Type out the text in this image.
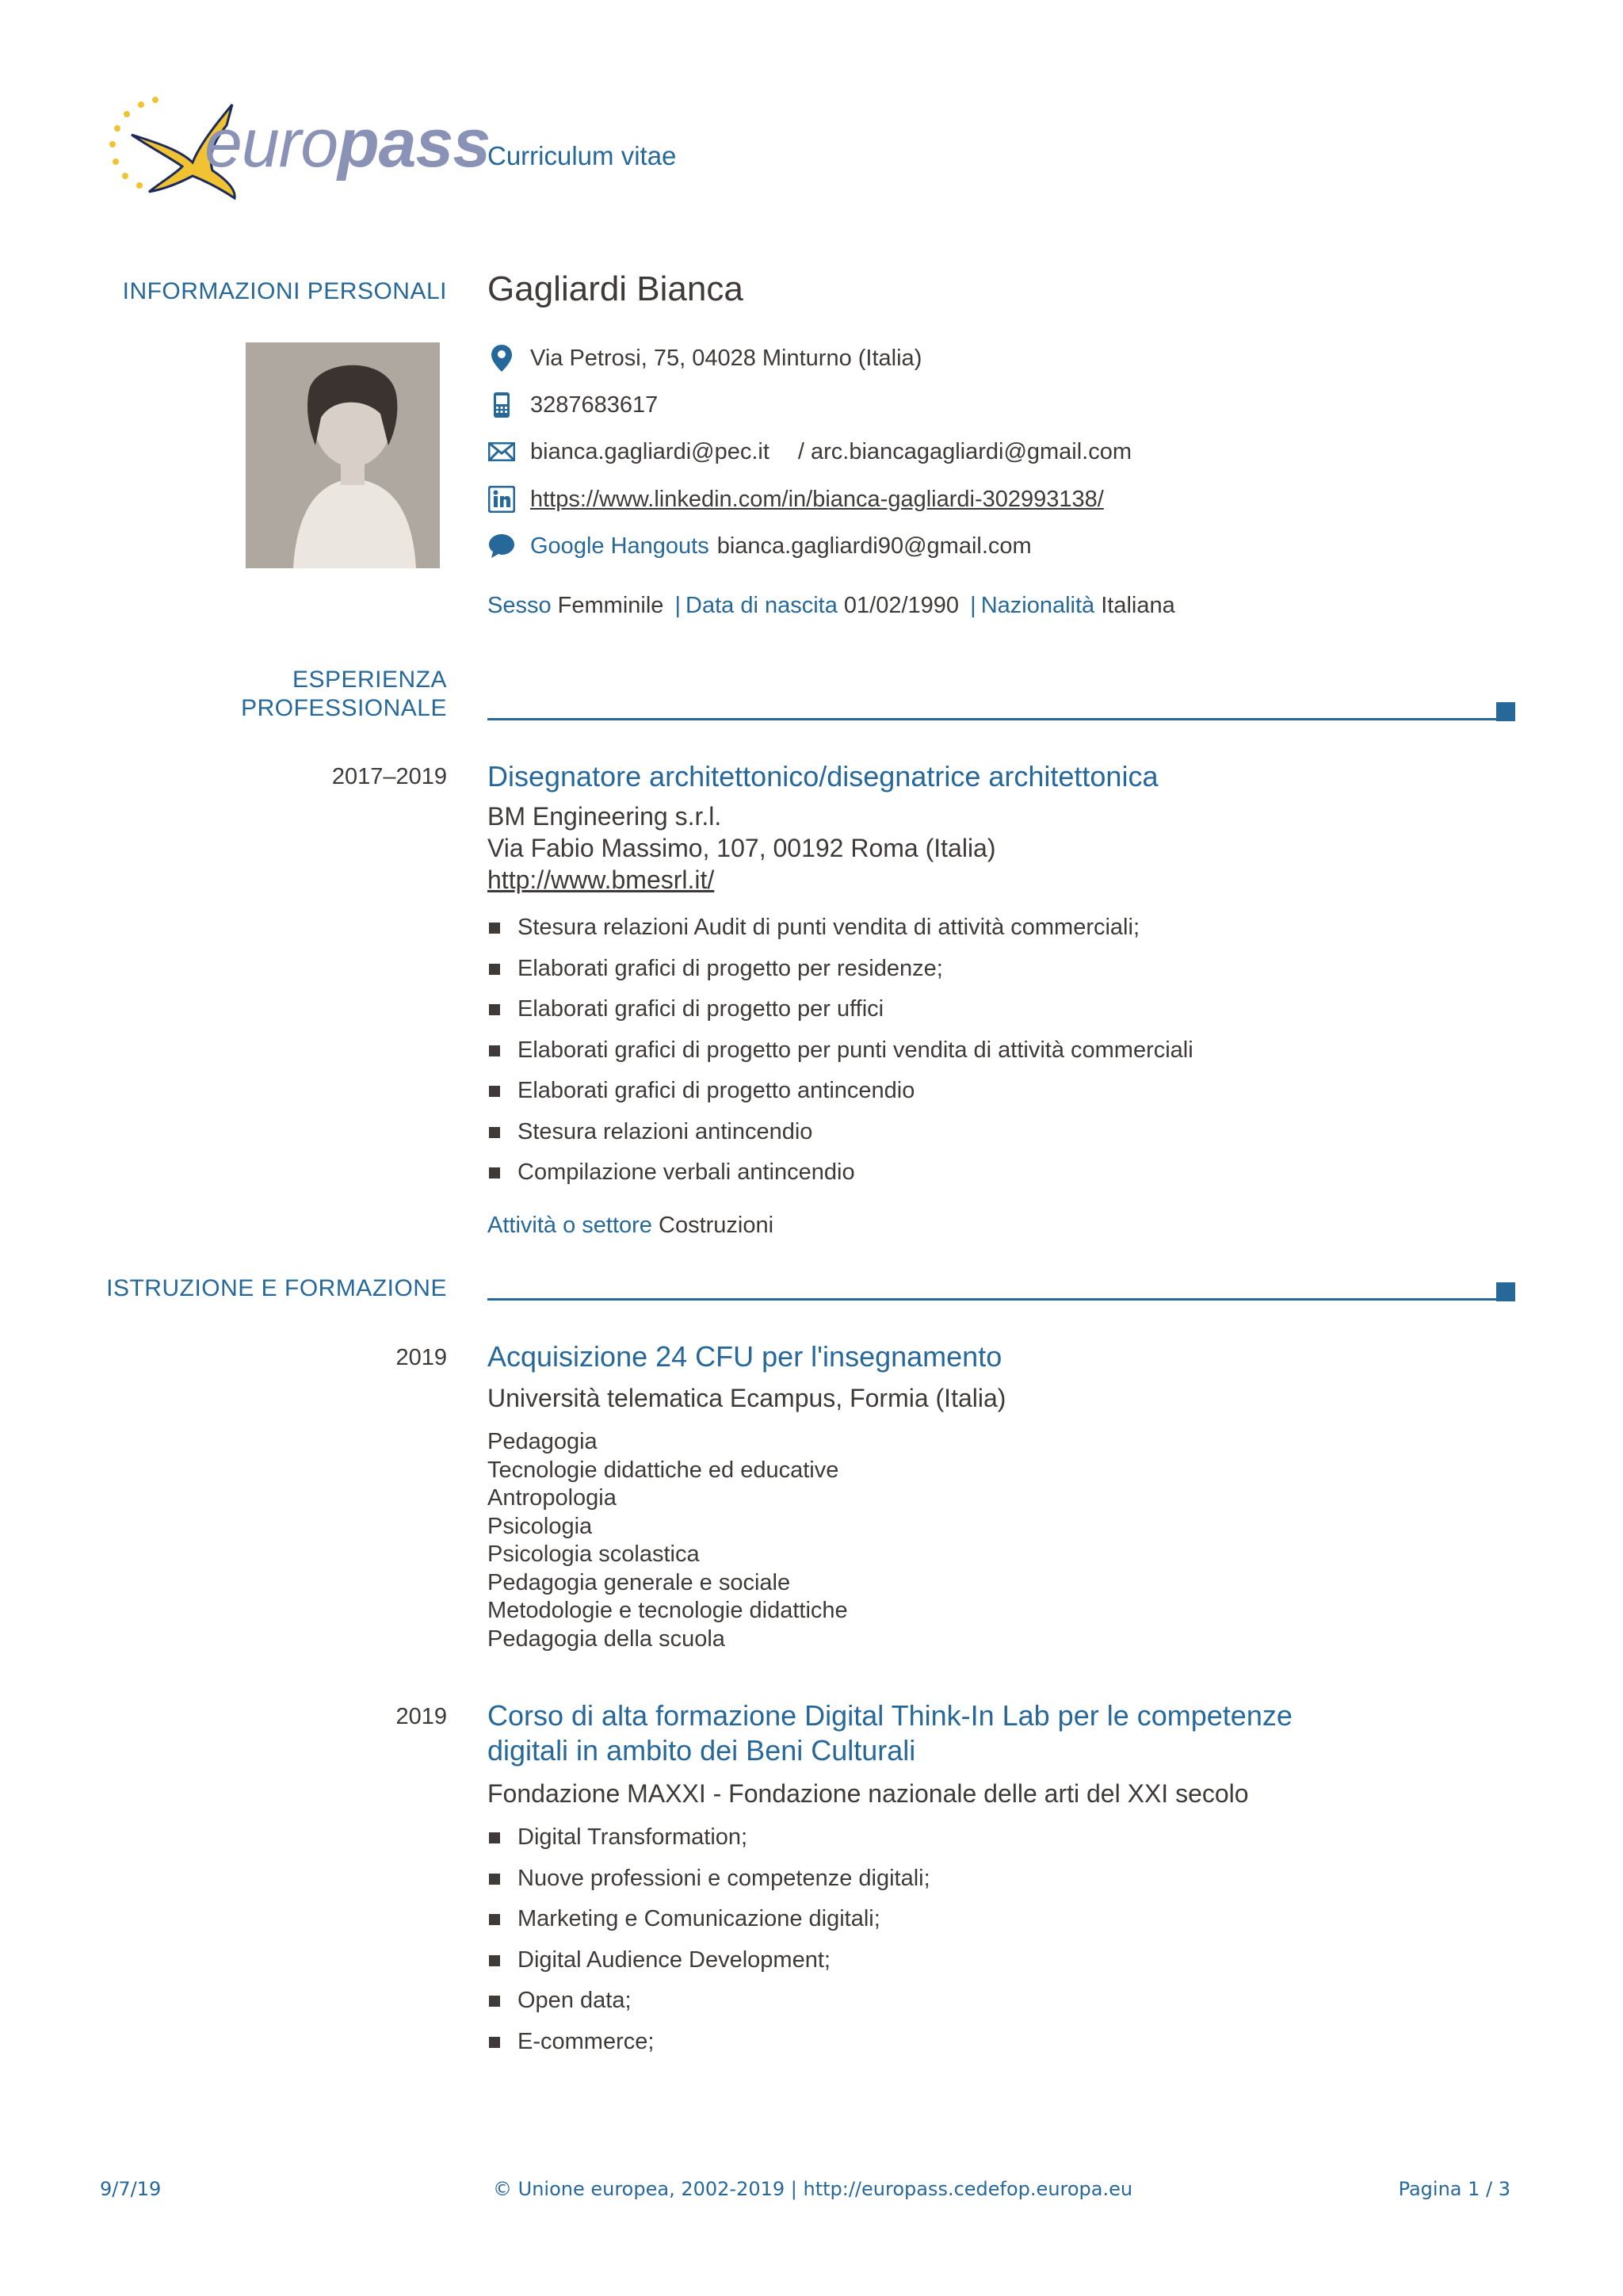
europass
Curriculum vitae
INFORMAZIONI PERSONALI Gagliardi Bianca
Via Petrosi, 75, 04028 Minturno (Italia)
3287683617
bianca.gagliardi@pec.it / arc.biancagagliardi@gmail.com
https://www.linkedin.com/in/bianca-gagliardi-302993138/
Google Hangouts bianca.gagliardi90@gmail.com
Sesso Femminile | Data di nascita 01/02/1990 | Nazionalità Italiana
ESPERIENZA
PROFESSIONALE
2017–2019 Disegnatore architettonico/disegnatrice architettonica
BM Engineering s.r.l.
Via Fabio Massimo, 107, 00192 Roma (Italia)
http://www.bmesrl.it/
Stesura relazioni Audit di punti vendita di attività commerciali;
Elaborati grafici di progetto per residenze;
Elaborati grafici di progetto per uffici
Elaborati grafici di progetto per punti vendita di attività commerciali
Elaborati grafici di progetto antincendio
Stesura relazioni antincendio
Compilazione verbali antincendio
Attività o settore Costruzioni
ISTRUZIONE E FORMAZIONE
2019 Acquisizione 24 CFU per l'insegnamento
Università telematica Ecampus, Formia (Italia)
Pedagogia
Tecnologie didattiche ed educative
Antropologia
Psicologia
Psicologia scolastica
Pedagogia generale e sociale
Metodologie e tecnologie didattiche
Pedagogia della scuola
2019 Corso di alta formazione Digital Think-In Lab per le competenze
digitali in ambito dei Beni Culturali
Fondazione MAXXI - Fondazione nazionale delle arti del XXI secolo
Digital Transformation;
Nuove professioni e competenze digitali;
Marketing e Comunicazione digitali;
Digital Audience Development;
Open data;
E-commerce;
9/7/19	© Unione europea, 2002-2019 | http://europass.cedefop.europa.eu	Pagina 1 / 3
